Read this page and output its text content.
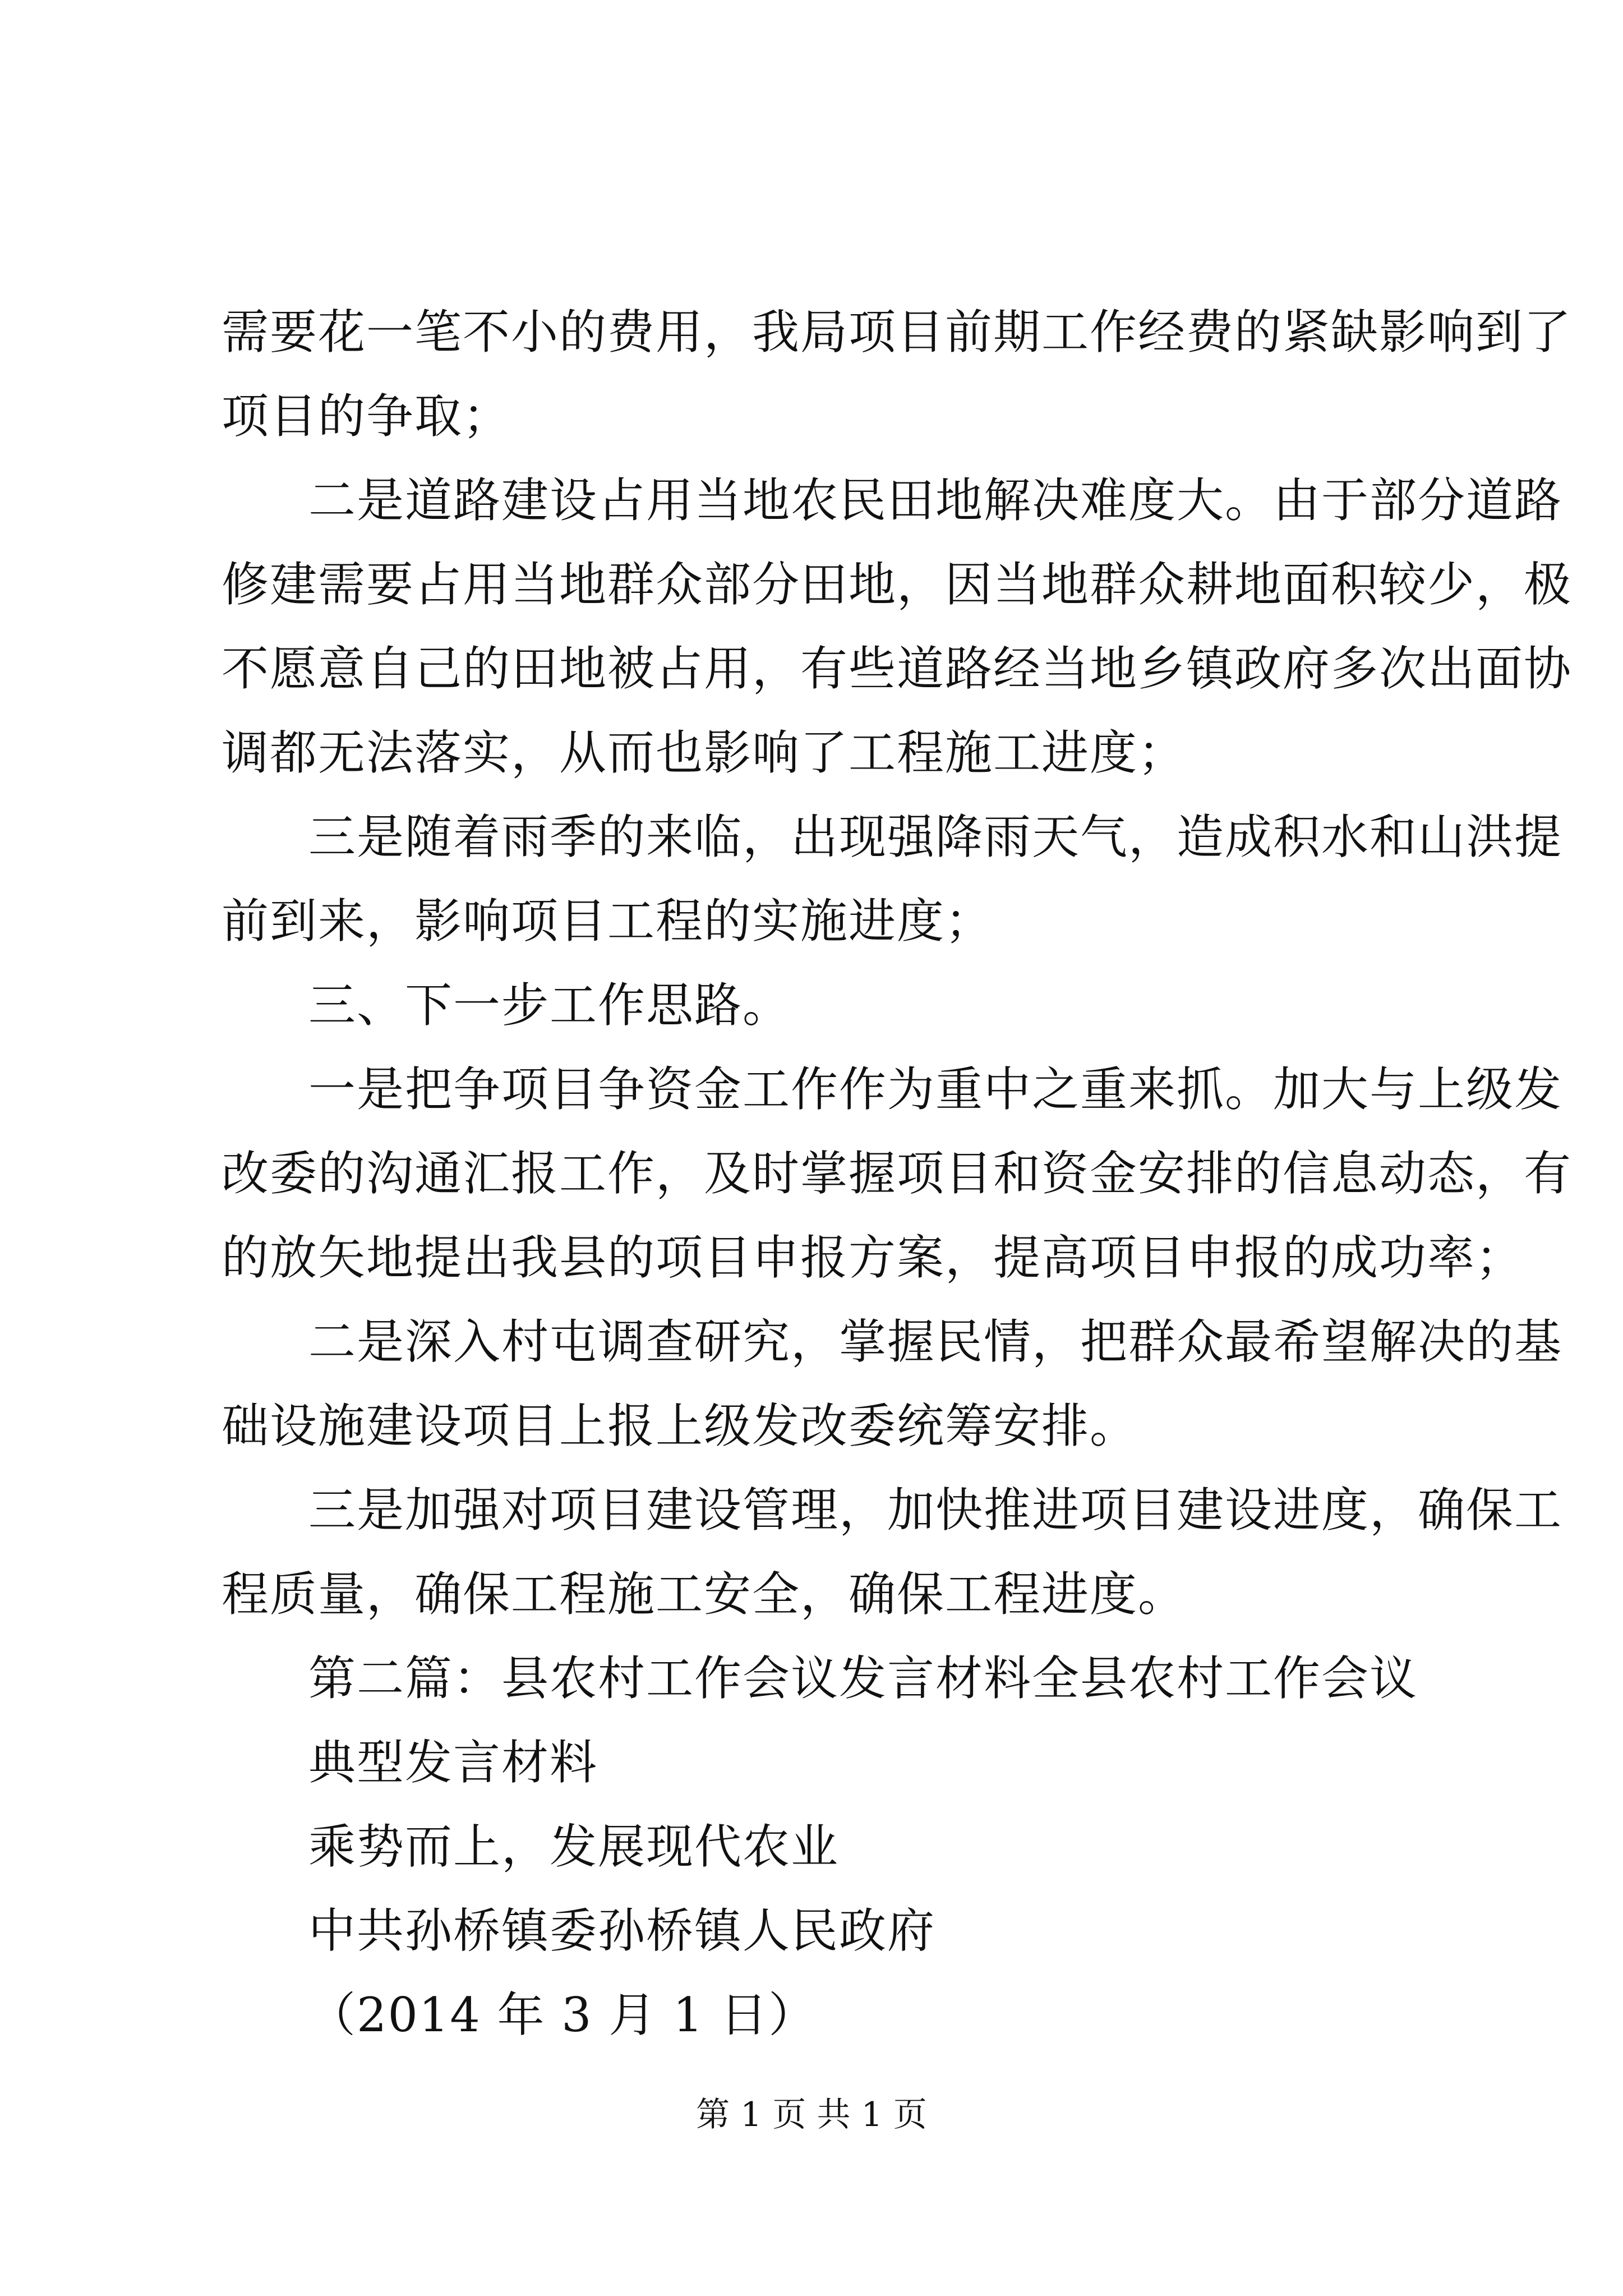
需要花一笔不小的费用，我局项目前期工作经费的紧缺影响到了
项目的争取；
二是道路建设占用当地农民田地解决难度大。由于部分道路
修建需要占用当地群众部分田地，因当地群众耕地面积较少，极
不愿意自己的田地被占用，有些道路经当地乡镇政府多次出面协
调都无法落实，从而也影响了工程施工进度；
三是随着雨季的来临，出现强降雨天气，造成积水和山洪提
前到来，影响项目工程的实施进度；
三、下一步工作思路。
一是把争项目争资金工作作为重中之重来抓。加大与上级发
改委的沟通汇报工作，及时掌握项目和资金安排的信息动态，有
的放矢地提出我县的项目申报方案，提高项目申报的成功率；
二是深入村屯调查研究，掌握民情，把群众最希望解决的基
础设施建设项目上报上级发改委统筹安排。
三是加强对项目建设管理，加快推进项目建设进度，确保工
程质量，确保工程施工安全，确保工程进度。
第二篇：县农村工作会议发言材料全县农村工作会议
典型发言材料
乘势而上，发展现代农业
中共孙桥镇委孙桥镇人民政府
（2014 年 3 月 1 日）
第 1 页 共 1 页
